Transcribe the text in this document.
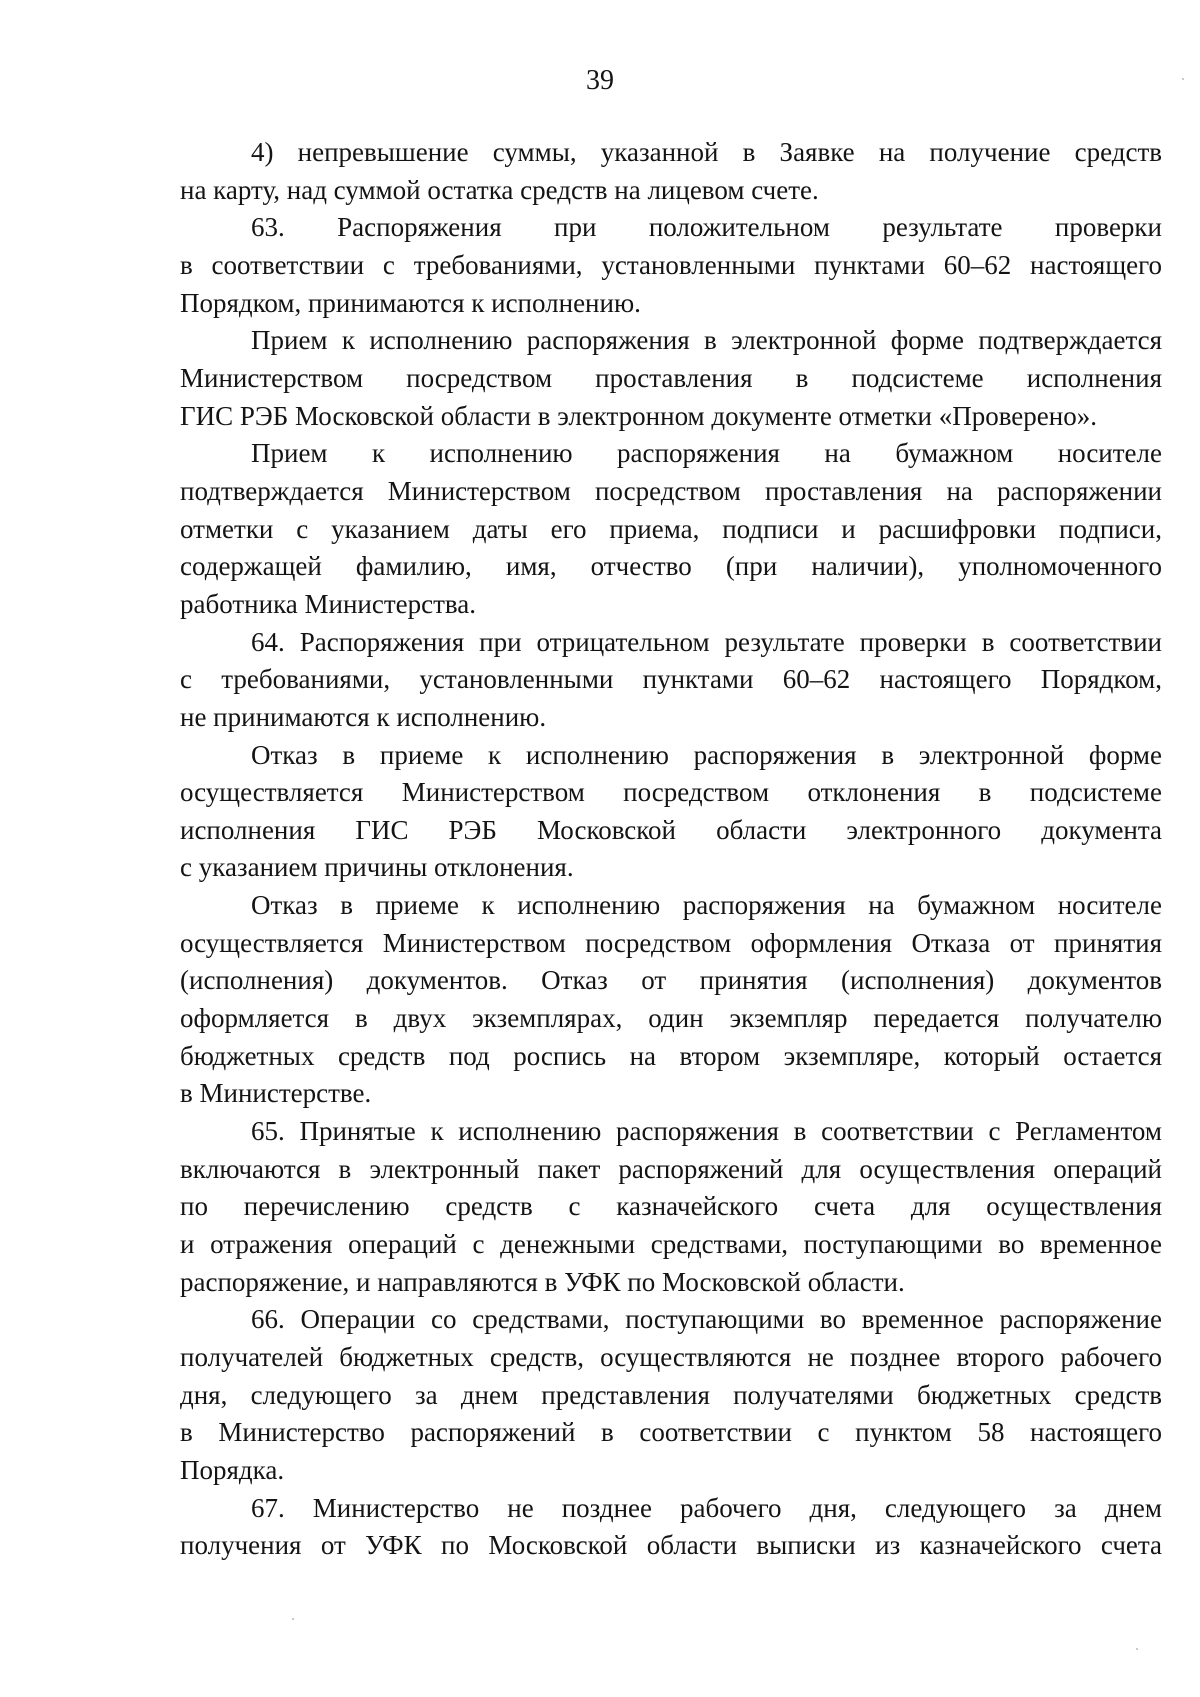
39

4) непревышение суммы, указанной в Заявке на получение средств
на карту, над суммой остатка средств на лицевом счете.

63. Распоряжения при положительном результате проверки
в соответствии с требованиями, установленными пунктами 60–62 настоящего
Порядком, принимаются к исполнению.

Прием к исполнению распоряжения в электронной форме подтверждается
Министерством посредством проставления в подсистеме исполнения
ГИС РЭБ Московской области в электронном документе отметки «Проверено».

Прием к исполнению распоряжения на бумажном носителе
подтверждается Министерством посредством проставления на распоряжении
отметки с указанием даты его приема, подписи и расшифровки подписи,
содержащей фамилию, имя, отчество (при наличии), уполномоченного
работника Министерства.

64. Распоряжения при отрицательном результате проверки в соответствии
с требованиями, установленными пунктами 60–62 настоящего Порядком,
не принимаются к исполнению.

Отказ в приеме к исполнению распоряжения в электронной форме
осуществляется Министерством посредством отклонения в подсистеме
исполнения ГИС РЭБ Московской области электронного документа
с указанием причины отклонения.

Отказ в приеме к исполнению распоряжения на бумажном носителе
осуществляется Министерством посредством оформления Отказа от принятия
(исполнения) документов. Отказ от принятия (исполнения) документов
оформляется в двух экземплярах, один экземпляр передается получателю
бюджетных средств под роспись на втором экземпляре, который остается
в Министерстве.

65. Принятые к исполнению распоряжения в соответствии с Регламентом
включаются в электронный пакет распоряжений для осуществления операций
по перечислению средств с казначейского счета для осуществления
и отражения операций с денежными средствами, поступающими во временное
распоряжение, и направляются в УФК по Московской области.

66. Операции со средствами, поступающими во временное распоряжение
получателей бюджетных средств, осуществляются не позднее второго рабочего
дня, следующего за днем представления получателями бюджетных средств
в Министерство распоряжений в соответствии с пунктом 58 настоящего
Порядка.

67. Министерство не позднее рабочего дня, следующего за днем
получения от УФК по Московской области выписки из казначейского счета
